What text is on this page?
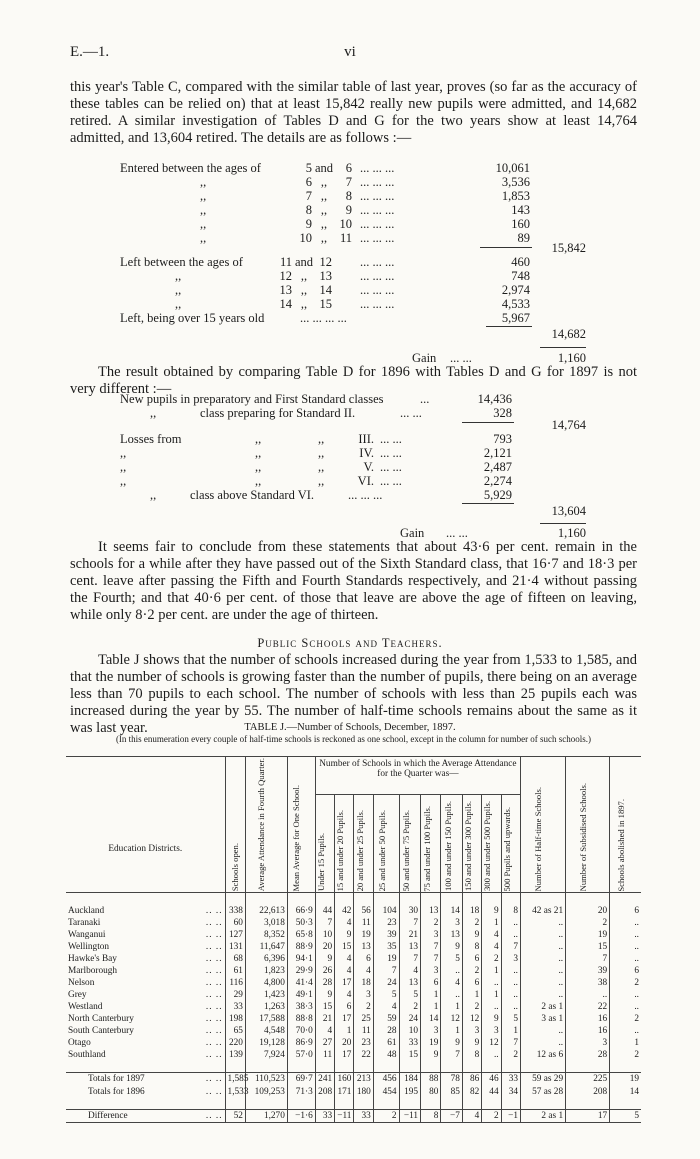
E.—1.	vi

this year's Table C, compared with the similar table of last year, proves (so far as the accuracy of these tables can be relied on) that at least 15,842 really new pupils were admitted, and 14,682 retired. A similar investigation of Tables D and G for the two years show at least 14,764 admitted, and 13,604 retired. The details are as follows :—

The result obtained by comparing Table D for 1896 with Tables D and G for 1897 is not very different :—

It seems fair to conclude from these statements that about 43·6 per cent. remain in the schools for a while after they have passed out of the Sixth Standard class, that 16·7 and 18·3 per cent. leave after passing the Fifth and Fourth Standards respectively, and 21·4 without passing the Fourth; and that 40·6 per cent. of those that leave are above the age of fifteen on leaving, while only 8·2 per cent. are under the age of thirteen.

Public Schools and Teachers.

Table J shows that the number of schools increased during the year from 1,533 to 1,585, and that the number of schools is growing faster than the number of pupils, there being on an average less than 70 pupils to each school. The number of schools with less than 25 pupils each was increased during the year by 55. The number of half-time schools remains about the same as it was last year.	TABLE J.—Number of Schools, December, 1897.
(In this enumeration every couple of half-time schools is reckoned as one school, except in the column for number of such schools.)
Education Districts.		Schools open.	Average Attendance in Fourth Quarter.	Mean Average for One School.	Number of Schools in which the Average Attendance for the Quarter was—										Number of Half-time Schools.	Number of Subsidised Schools.	Schools abolished in 1897.

					Under 15 Pupils.	15 and under 20 Pupils.	20 and under 25 Pupils.	25 and under 50 Pupils.	50 and under 75 Pupils.	75 and under 100 Pupils.	100 and under 150 Pupils.	150 and under 300 Pupils.	300 and under 500 Pupils.	500 Pupils and upwards.			

Auckland	.. ..	338	22,613	66·9	44	42	56	104	30	13	14	18	9	8	42 as 21	20	6
Taranaki	.. ..	60	3,018	50·3	7	4	11	23	7	2	3	2	1	..	..	2	..
Wanganui	.. ..	127	8,352	65·8	10	9	19	39	21	3	13	9	4	..	..	19	..
Wellington	.. ..	131	11,647	88·9	20	15	13	35	13	7	9	8	4	7	..	15	..
Hawke's Bay	.. ..	68	6,396	94·1	9	4	6	19	7	7	5	6	2	3	..	7	..
Marlborough	.. ..	61	1,823	29·9	26	4	4	7	4	3	..	2	1	..	..	39	6
Nelson	.. ..	116	4,800	41·4	28	17	18	24	13	6	4	6	..	..	..	38	2
Grey	.. ..	29	1,423	49·1	9	4	3	5	5	1	..	1	1	..	..	..	..
Westland	.. ..	33	1,263	38·3	15	6	2	4	2	1	1	2	..	..	2 as 1	22	..
North Canterbury	.. ..	198	17,588	88·8	21	17	25	59	24	14	12	12	9	5	3 as 1	16	2
South Canterbury	.. ..	65	4,548	70·0	4	1	11	28	10	3	1	3	3	1	..	16	..
Otago	.. ..	220	19,128	86·9	27	20	23	61	33	19	9	9	12	7	..	3	1
Southland	.. ..	139	7,924	57·0	11	17	22	48	15	9	7	8	..	2	12 as 6	28	2

Totals for 1897	.. ..	1,585	110,523	69·7	241	160	213	456	184	88	78	86	46	33	59 as 29	225	19
Totals for 1896	.. ..	1,533	109,253	71·3	208	171	180	454	195	80	85	82	44	34	57 as 28	208	14

Difference	.. ..	52	1,270	−1·6	33	−11	33	2	−11	8	−7	4	2	−1	2 as 1	17	5
Entered between the ages of	5 and	6 ... ... ...	10,061
,,	6 ,,	7 ... ... ...	3,536
,,	7 ,,	8 ... ... ...	1,853
,,	8 ,,	9 ... ... ...	143
,,	9 ,, 10 ... ... ...	160
,,	10 ,,	11 ... ... ...	89
15,842
Left between the ages of	11 and 12 ... ... ...	460
,,	12 ,, 13 ... ... ...	748
,,	13 ,, 14 ... ... ...	2,974
,,	14 ,, 15 ... ... ...	4,533
Left, being over 15 years old	... ... ... ...	5,967
14,682
Gain ... ...	1,160
New pupils in preparatory and First Standard classes	...	14,436
,,	class preparing for Standard II.	... ...	328
14,764
Losses from	,,	,,	III. ... ...	793
,,	,,	,,	IV. ... ...	2,121
,,	,,	,,	V. ... ...	2,487
,,	,,	,,	VI. ... ...	2,274
,,	class above Standard VI.	... ... ...	5,929
13,604
Gain ... ...	1,160
